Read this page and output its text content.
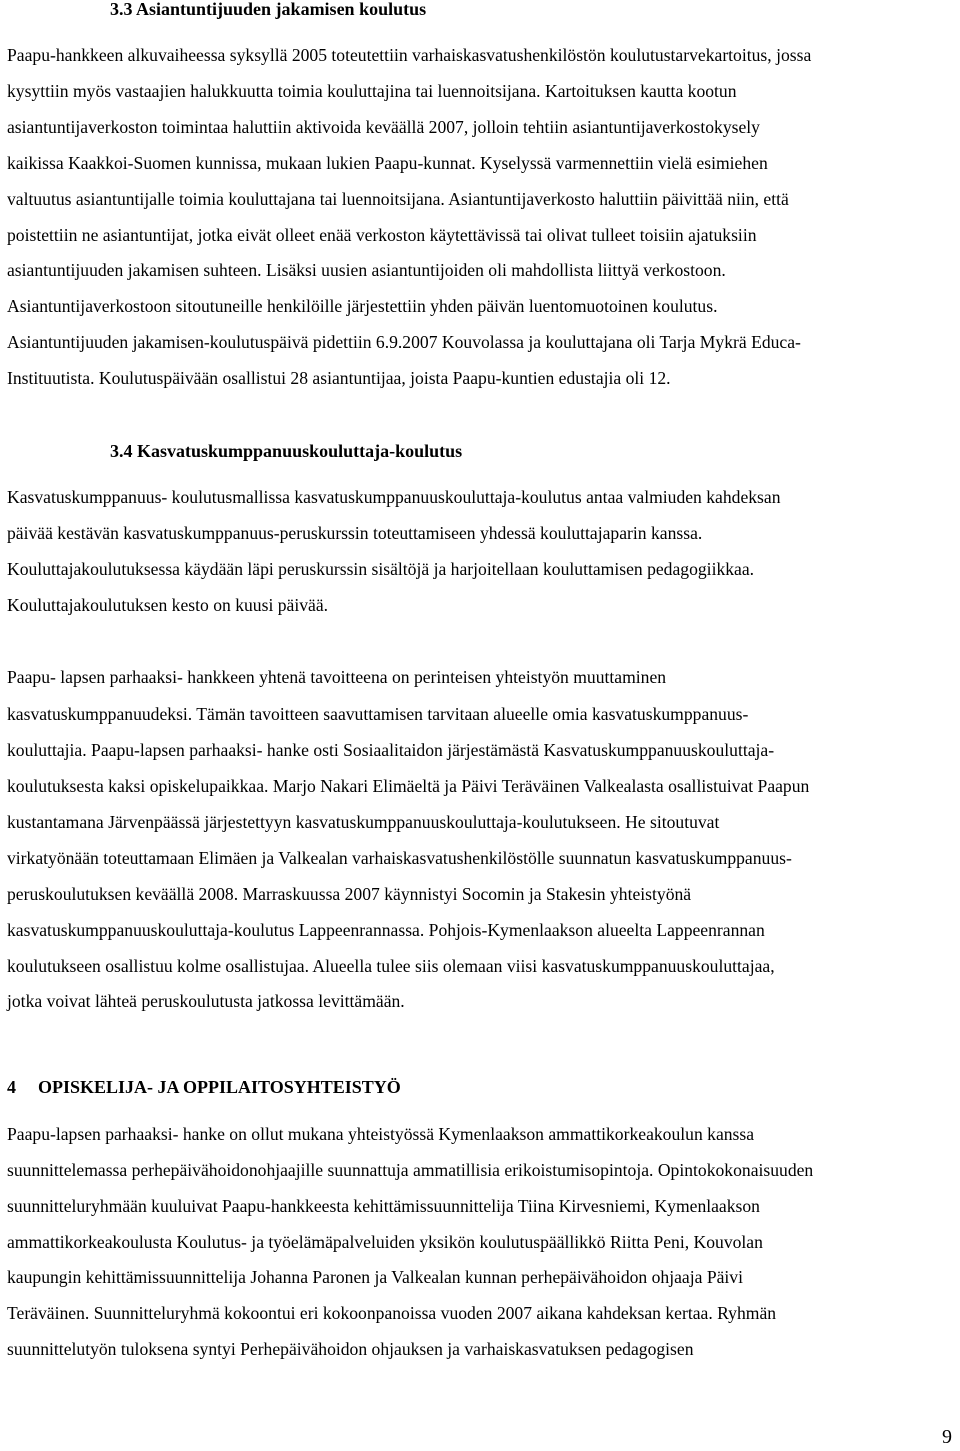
3.3 Asiantuntijuuden jakamisen koulutus
Paapu-hankkeen alkuvaiheessa syksyllä 2005 toteutettiin varhaiskasvatushenkilöstön koulutustarvekartoitus, jossa
kysyttiin myös vastaajien halukkuutta toimia kouluttajina tai luennoitsijana. Kartoituksen kautta kootun
asiantuntijaverkoston toimintaa haluttiin aktivoida keväällä 2007, jolloin tehtiin asiantuntijaverkostokysely
kaikissa Kaakkoi-Suomen kunnissa, mukaan lukien Paapu-kunnat. Kyselyssä varmennettiin vielä esimiehen
valtuutus asiantuntijalle toimia kouluttajana tai luennoitsijana. Asiantuntijaverkosto haluttiin päivittää niin, että
poistettiin ne asiantuntijat, jotka eivät olleet enää verkoston käytettävissä tai olivat tulleet toisiin ajatuksiin
asiantuntijuuden jakamisen suhteen. Lisäksi uusien asiantuntijoiden oli mahdollista liittyä verkostoon.
Asiantuntijaverkostoon sitoutuneille henkilöille järjestettiin yhden päivän luentomuotoinen koulutus.
Asiantuntijuuden jakamisen-koulutuspäivä pidettiin 6.9.2007 Kouvolassa ja kouluttajana oli Tarja Mykrä Educa-
Instituutista. Koulutuspäivään osallistui 28 asiantuntijaa, joista Paapu-kuntien edustajia oli 12.
3.4 Kasvatuskumppanuuskouluttaja-koulutus
Kasvatuskumppanuus- koulutusmallissa kasvatuskumppanuuskouluttaja-koulutus antaa valmiuden kahdeksan
päivää kestävän kasvatuskumppanuus-peruskurssin toteuttamiseen yhdessä kouluttajaparin kanssa.
Kouluttajakoulutuksessa käydään läpi peruskurssin sisältöjä ja harjoitellaan kouluttamisen pedagogiikkaa.
Kouluttajakoulutuksen kesto on kuusi päivää.
Paapu- lapsen parhaaksi- hankkeen yhtenä tavoitteena on perinteisen yhteistyön muuttaminen
kasvatuskumppanuudeksi. Tämän tavoitteen saavuttamisen tarvitaan alueelle omia kasvatuskumppanuus-
kouluttajia. Paapu-lapsen parhaaksi- hanke osti Sosiaalitaidon järjestämästä Kasvatuskumppanuuskouluttaja-
koulutuksesta kaksi opiskelupaikkaa. Marjo Nakari Elimäeltä ja Päivi Teräväinen Valkealasta osallistuivat Paapun
kustantamana Järvenpäässä järjestettyyn kasvatuskumppanuuskouluttaja-koulutukseen. He sitoutuvat
virkatyönään toteuttamaan Elimäen ja Valkealan varhaiskasvatushenkilöstölle suunnatun kasvatuskumppanuus-
peruskoulutuksen keväällä 2008. Marraskuussa 2007 käynnistyi Socomin ja Stakesin yhteistyönä
kasvatuskumppanuuskouluttaja-koulutus Lappeenrannassa. Pohjois-Kymenlaakson alueelta Lappeenrannan
koulutukseen osallistuu kolme osallistujaa. Alueella tulee siis olemaan viisi kasvatuskumppanuuskouluttajaa,
jotka voivat lähteä peruskoulutusta jatkossa levittämään.
4 OPISKELIJA- JA OPPILAITOSYHTEISTYÖ
Paapu-lapsen parhaaksi- hanke on ollut mukana yhteistyössä Kymenlaakson ammattikorkeakoulun kanssa
suunnittelemassa perhepäivähoidonohjaajille suunnattuja ammatillisia erikoistumisopintoja. Opintokokonaisuuden
suunnitteluryhmään kuuluivat Paapu-hankkeesta kehittämissuunnittelija Tiina Kirvesniemi, Kymenlaakson
ammattikorkeakoulusta Koulutus- ja työelämäpalveluiden yksikön koulutuspäällikkö Riitta Peni, Kouvolan
kaupungin kehittämissuunnittelija Johanna Paronen ja Valkealan kunnan perhepäivähoidon ohjaaja Päivi
Teräväinen. Suunnitteluryhmä kokoontui eri kokoonpanoissa vuoden 2007 aikana kahdeksan kertaa. Ryhmän
suunnittelutyön tuloksena syntyi Perhepäivähoidon ohjauksen ja varhaiskasvatuksen pedagogisen
9
